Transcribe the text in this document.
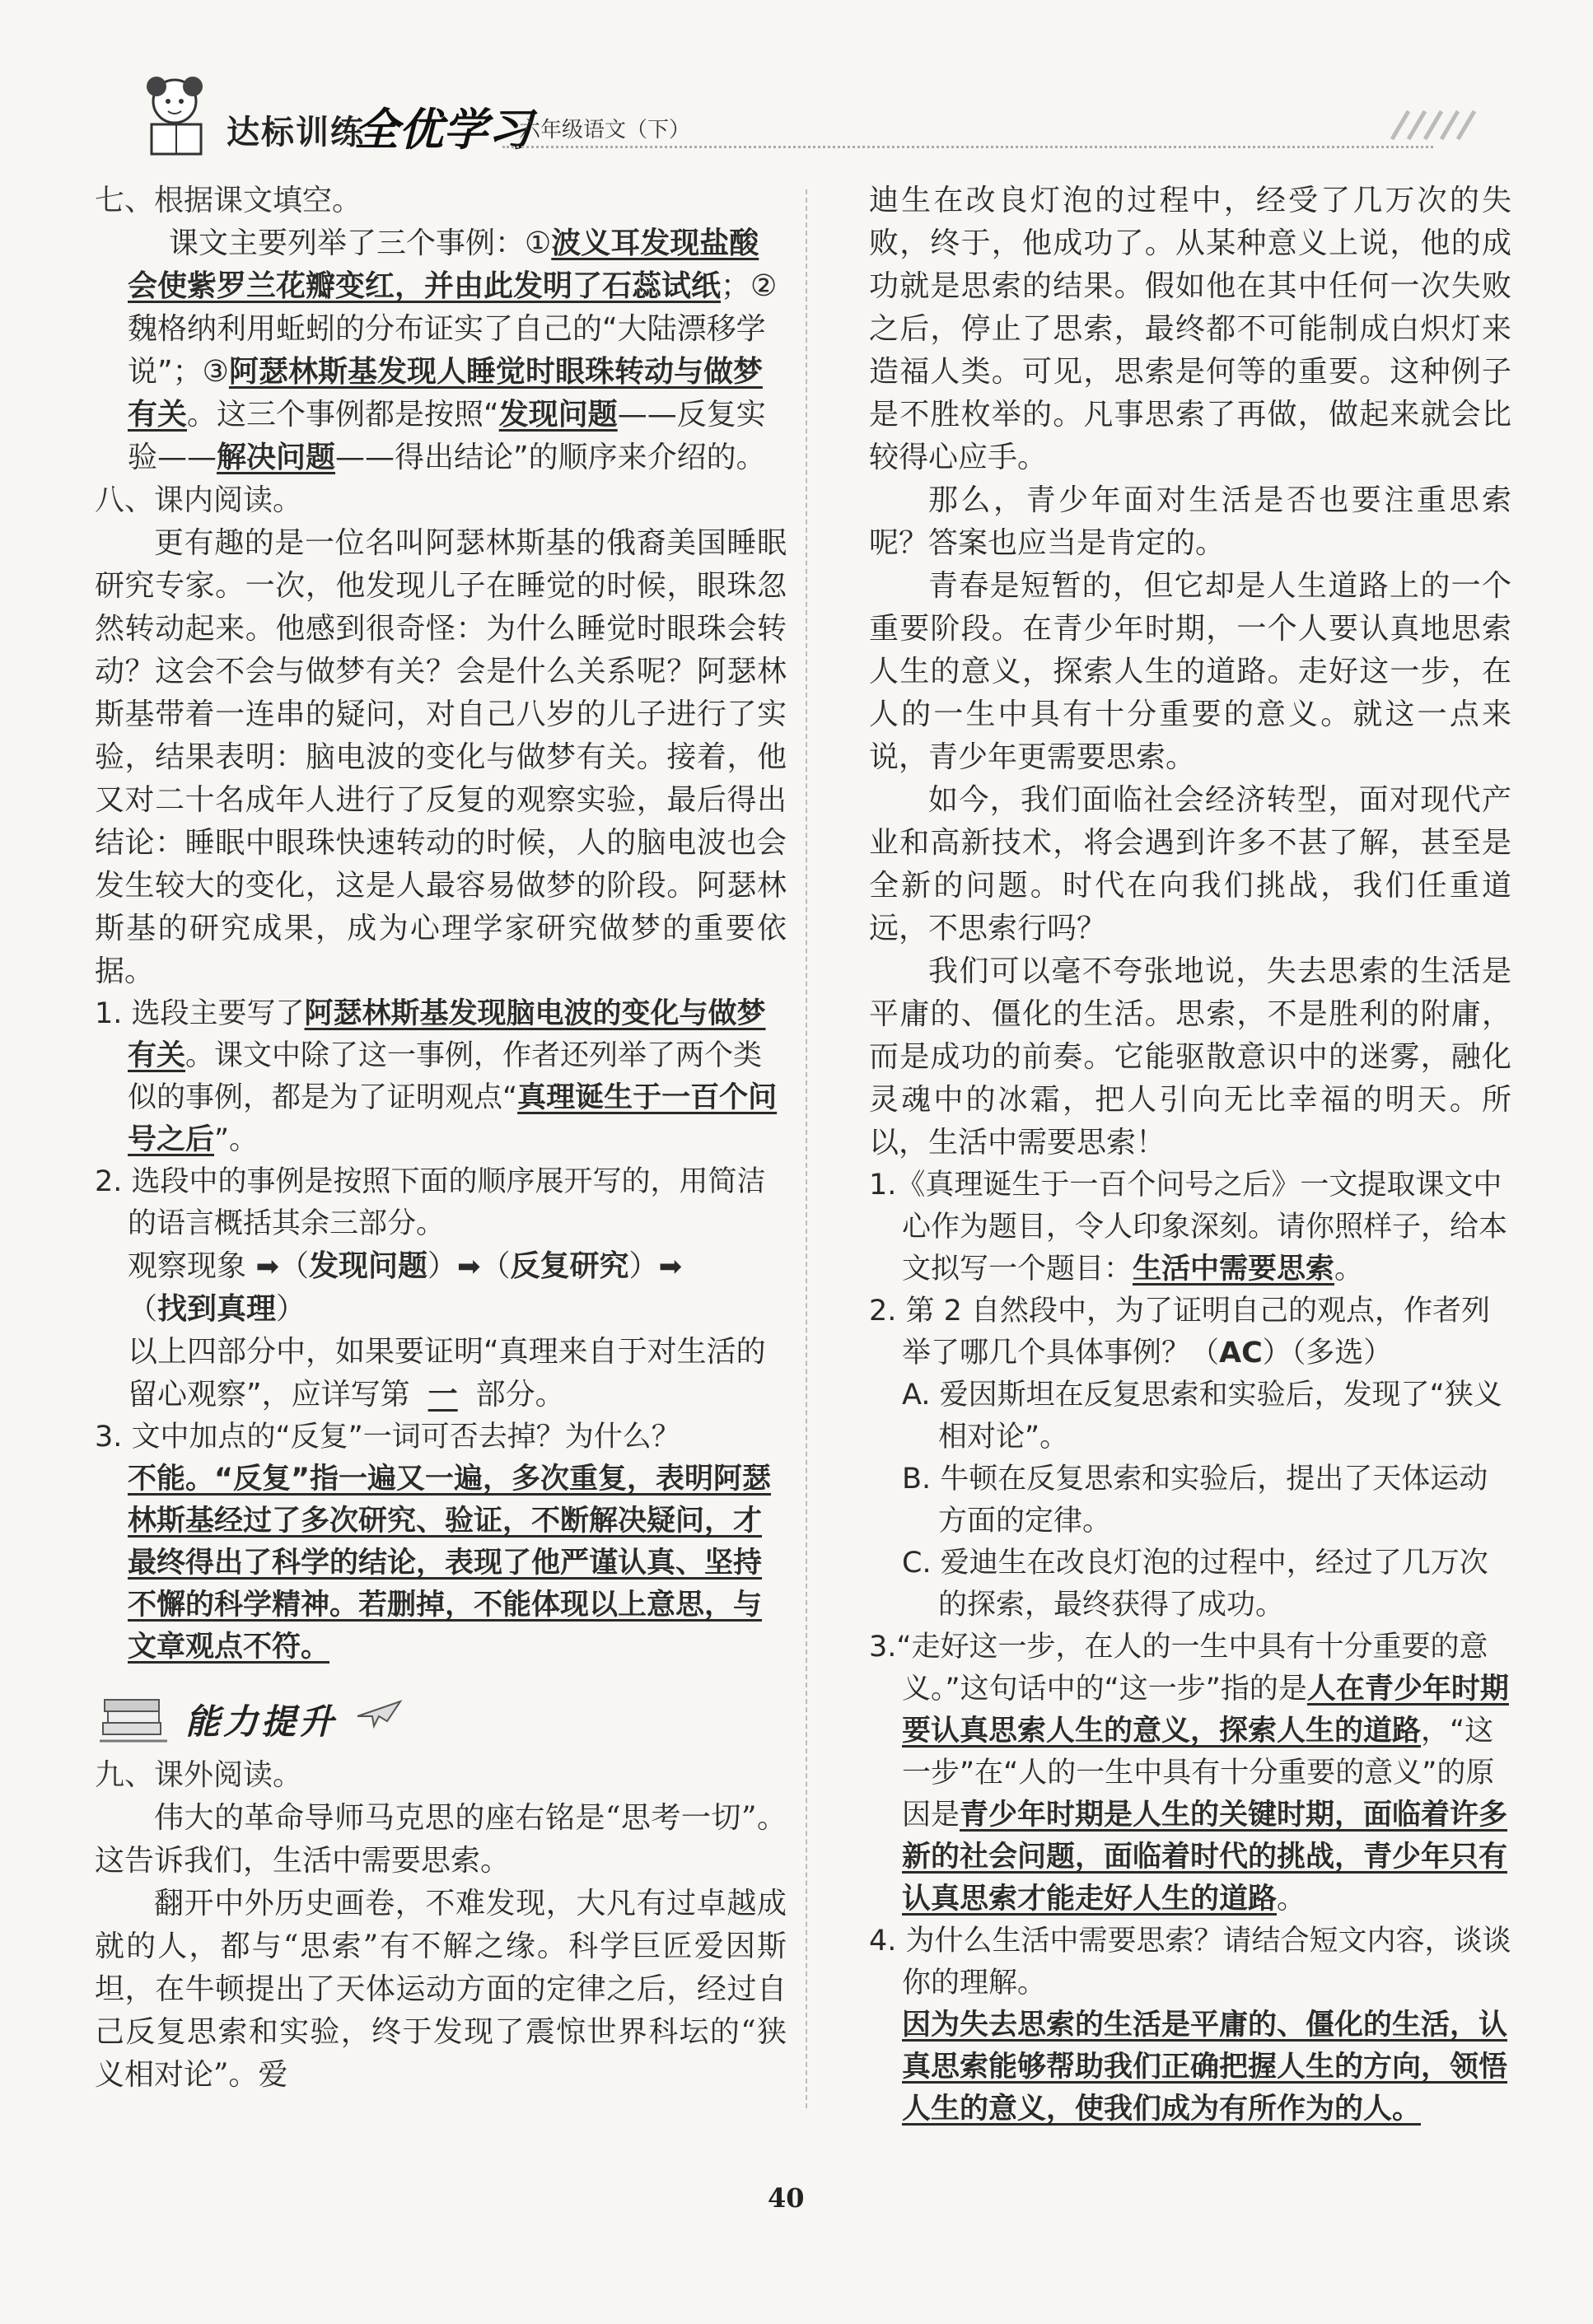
达标训练
全优学习
六年级语文（下）

七、根据课文填空。

课文主要列举了三个事例：①波义耳发现盐酸会使紫罗兰花瓣变红，并由此发明了石蕊试纸；②魏格纳利用蚯蚓的分布证实了自己的“大陆漂移学说”；③阿瑟林斯基发现人睡觉时眼珠转动与做梦有关。这三个事例都是按照“发现问题——反复实验——解决问题——得出结论”的顺序来介绍的。

八、课内阅读。

更有趣的是一位名叫阿瑟林斯基的俄裔美国睡眠研究专家。一次，他发现儿子在睡觉的时候，眼珠忽然转动起来。他感到很奇怪：为什么睡觉时眼珠会转动？这会不会与做梦有关？会是什么关系呢？阿瑟林斯基带着一连串的疑问，对自己八岁的儿子进行了实验，结果表明：脑电波的变化与做梦有关。接着，他又对二十名成年人进行了反复的观察实验，最后得出结论：睡眠中眼珠快速转动的时候，人的脑电波也会发生较大的变化，这是人最容易做梦的阶段。阿瑟林斯基的研究成果，成为心理学家研究做梦的重要依据。

1. 选段主要写了阿瑟林斯基发现脑电波的变化与做梦有关。课文中除了这一事例，作者还列举了两个类似的事例，都是为了证明观点“真理诞生于一百个问号之后”。

2. 选段中的事例是按照下面的顺序展开写的，用简洁的语言概括其余三部分。

观察现象 ➡（发现问题）➡（反复研究）➡
（找到真理）

以上四部分中，如果要证明“真理来自于对生活的留心观察”，应详写第 一 部分。

3. 文中加点的“反复”一词可否去掉？为什么？

不能。“反复”指一遍又一遍，多次重复，表明阿瑟林斯基经过了多次研究、验证，不断解决疑问，才最终得出了科学的结论，表现了他严谨认真、坚持不懈的科学精神。若删掉，不能体现以上意思，与文章观点不符。

能力提升

九、课外阅读。

伟大的革命导师马克思的座右铭是“思考一切”。这告诉我们，生活中需要思索。

翻开中外历史画卷，不难发现，大凡有过卓越成就的人，都与“思索”有不解之缘。科学巨匠爱因斯坦，在牛顿提出了天体运动方面的定律之后，经过自己反复思索和实验，终于发现了震惊世界科坛的“狭义相对论”。爱

迪生在改良灯泡的过程中，经受了几万次的失败，终于，他成功了。从某种意义上说，他的成功就是思索的结果。假如他在其中任何一次失败之后，停止了思索，最终都不可能制成白炽灯来造福人类。可见，思索是何等的重要。这种例子是不胜枚举的。凡事思索了再做，做起来就会比较得心应手。

那么，青少年面对生活是否也要注重思索呢？答案也应当是肯定的。

青春是短暂的，但它却是人生道路上的一个重要阶段。在青少年时期，一个人要认真地思索人生的意义，探索人生的道路。走好这一步，在人的一生中具有十分重要的意义。就这一点来说，青少年更需要思索。

如今，我们面临社会经济转型，面对现代产业和高新技术，将会遇到许多不甚了解，甚至是全新的问题。时代在向我们挑战，我们任重道远，不思索行吗？

我们可以毫不夸张地说，失去思索的生活是平庸的、僵化的生活。思索，不是胜利的附庸，而是成功的前奏。它能驱散意识中的迷雾，融化灵魂中的冰霜，把人引向无比幸福的明天。所以，生活中需要思索！

1.《真理诞生于一百个问号之后》一文提取课文中心作为题目，令人印象深刻。请你照样子，给本文拟写一个题目：生活中需要思索。

2. 第 2 自然段中，为了证明自己的观点，作者列举了哪几个具体事例？（AC）（多选）

A. 爱因斯坦在反复思索和实验后，发现了“狭义相对论”。

B. 牛顿在反复思索和实验后，提出了天体运动方面的定律。

C. 爱迪生在改良灯泡的过程中，经过了几万次的探索，最终获得了成功。

3.“走好这一步，在人的一生中具有十分重要的意义。”这句话中的“这一步”指的是人在青少年时期要认真思索人生的意义，探索人生的道路，“这一步”在“人的一生中具有十分重要的意义”的原因是青少年时期是人生的关键时期，面临着许多新的社会问题，面临着时代的挑战，青少年只有认真思索才能走好人生的道路。

4. 为什么生活中需要思索？请结合短文内容，谈谈你的理解。

因为失去思索的生活是平庸的、僵化的生活，认真思索能够帮助我们正确把握人生的方向，领悟人生的意义，使我们成为有所作为的人。

40
